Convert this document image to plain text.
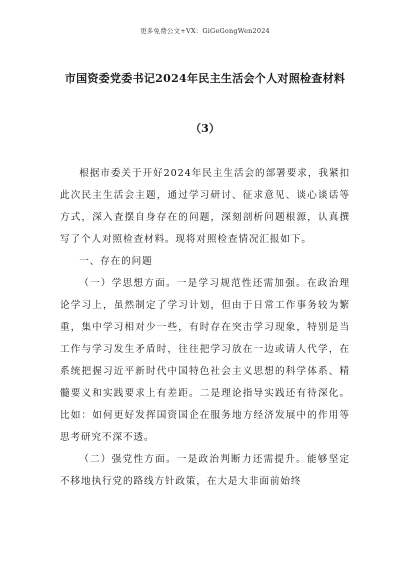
更多免费公文+VX：GiGeGongWen2024
市国资委党委书记2024年民主生活会个人对照检查材料
（3）

根据市委关于开好2024年民主生活会的部署要求，我紧扣此次民主生活会主题，通过学习研讨、征求意见、谈心谈话等方式，深入査摆自身存在的问题，深刻剖析问题根源，认真撰写了个人对照检查材料。现将对照检查情况汇报如下。

一、存在的问题

（一）学思想方面。一是学习规范性还需加强。在政治理论学习上，虽然制定了学习计划，但由于日常工作事务较为繁重，集中学习相对少一些，有时存在突击学习现象，特别是当工作与学习发生矛盾时，往往把学习放在一边或请人代学，在系统把握习近平新时代中国特色社会主义思想的科学体系、精髓要义和实践要求上有差距。二是理论指导实践还有待深化。比如：如何更好发挥国资国企在服务地方经济发展中的作用等思考研究不深不透。

（二）强党性方面。一是政治判断力还需提升。能够坚定不移地执行党的路线方针政策，在大是大非面前始终
